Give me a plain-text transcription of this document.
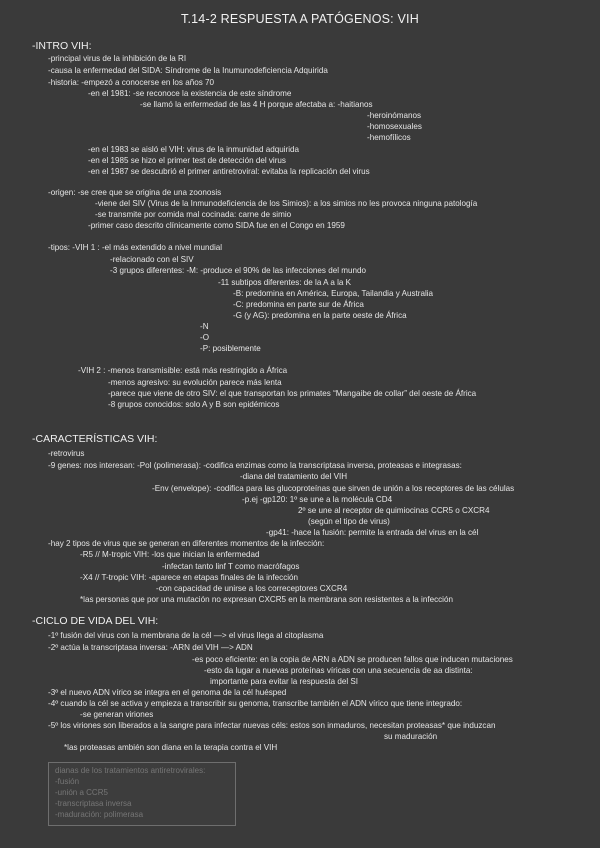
T.14-2 RESPUESTA A PATÓGENOS: VIH
-INTRO VIH:
-principal virus de la inhibición de la RI
-causa la enfermedad del SIDA: Síndrome de la Inumunodeficiencia Adquirida
-historia: -empezó a conocerse en los años 70
-en el 1981: -se reconoce la existencia de este síndrome
-se llamó la enfermedad de las 4 H porque afectaba a: -haitianos
-heroinómanos
-homosexuales
-hemofílicos
-en el 1983 se aisló el VIH: virus de la inmunidad adquirida
-en el 1985 se hizo el primer test de detección del virus
-en el 1987 se descubrió el primer antiretroviral: evitaba la replicación del virus
-origen: -se cree que se origina de una zoonosis
-viene del SIV (Virus de la Inmunodeficiencia de los Simios): a los simios no les provoca ninguna patología
-se transmite por comida mal cocinada: carne de simio
-primer caso descrito clínicamente como SIDA fue en el Congo en 1959
-tipos: -VIH 1 : -el más extendido a nivel mundial
-relacionado con el SIV
-3 grupos diferentes: -M: -produce el 90% de las infecciones del mundo
-11 subtipos diferentes: de la A a la K
-B: predomina en América, Europa, Tailandia y Australia
-C: predomina en parte sur de África
-G (y AG): predomina en la parte oeste de África
-N
-O
-P: posiblemente
-VIH 2 : -menos transmisible: está más restringido a África
-menos agresivo: su evolución parece más lenta
-parece que viene de otro SIV: el que transportan los primates “Mangaibe de collar” del oeste de África
-8 grupos conocidos: solo A y B son epidémicos
-CARACTERÍSTICAS VIH:
-retrovirus
-9 genes: nos interesan: -Pol (polimerasa): -codifica enzimas como la transcriptasa inversa, proteasas e integrasas:
-diana del tratamiento del VIH
-Env (envelope): -codifica para las glucoproteínas que sirven de unión a los receptores de las células
-p.ej -gp120: 1º se une a la molécula CD4
2º se une al receptor de quimiocinas CCR5 o CXCR4
(según el tipo de virus)
-gp41: -hace la fusión: permite la entrada del virus en la cél
-hay 2 tipos de virus que se generan en diferentes momentos de la infección:
-R5 // M-tropic VIH: -los que inician la enfermedad
-infectan tanto linf T como macrófagos
-X4 // T-tropic VIH: -aparece en etapas finales de la infección
-con capacidad de unirse a los correceptores CXCR4
*las personas que por una mutación no expresan CXCR5 en la membrana son resistentes a la infección
-CICLO DE VIDA DEL VIH:
-1º fusión del virus con la membrana de la cél —> el virus llega al citoplasma
-2º actúa la transcriptasa inversa: -ARN del VIH —> ADN
-es poco eficiente: en la copia de ARN a ADN se producen fallos que inducen mutaciones
-esto da lugar a nuevas proteínas víricas con una secuencia de aa distinta:
importante para evitar la respuesta del SI
-3º el nuevo ADN vírico se integra en el genoma de la cél huésped
-4º cuando la cél se activa y empieza a transcribir su genoma, transcribe también el ADN vírico que tiene integrado:
-se generan viriones
-5º los viriones son liberados a la sangre para infectar nuevas céls: estos son inmaduros, necesitan proteasas* que induzcan
su maduración
*las proteasas ambién son diana en la terapia contra el VIH
dianas de los tratamientos antiretrovirales:
-fusión
-unión a CCR5
-transcriptasa inversa
-maduración: polimerasa
